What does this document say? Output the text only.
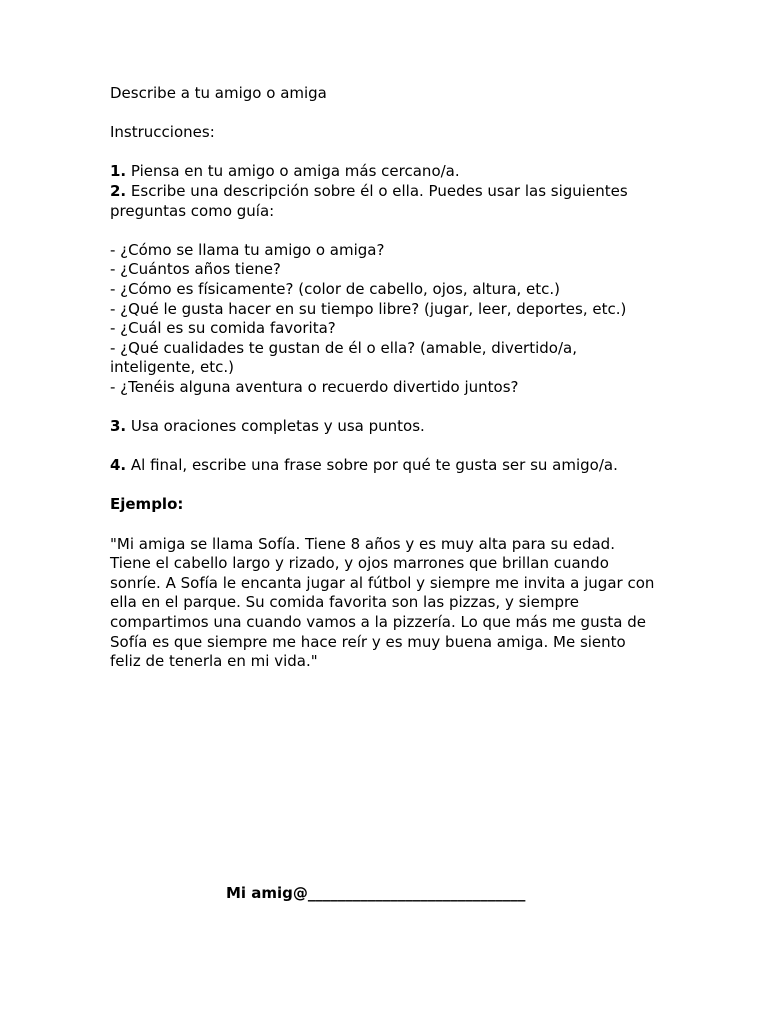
Describe a tu amigo o amiga

Instrucciones:

1. Piensa en tu amigo o amiga más cercano/a.

2. Escribe una descripción sobre él o ella. Puedes usar las siguientes preguntas como guía:

- ¿Cómo se llama tu amigo o amiga?

- ¿Cuántos años tiene?

- ¿Cómo es físicamente? (color de cabello, ojos, altura, etc.)

- ¿Qué le gusta hacer en su tiempo libre? (jugar, leer, deportes, etc.)

- ¿Cuál es su comida favorita?

- ¿Qué cualidades te gustan de él o ella? (amable, divertido/a, inteligente, etc.)

- ¿Tenéis alguna aventura o recuerdo divertido juntos?

3. Usa oraciones completas y usa puntos.

4. Al final, escribe una frase sobre por qué te gusta ser su amigo/a.

Ejemplo:

"Mi amiga se llama Sofía. Tiene 8 años y es muy alta para su edad. Tiene el cabello largo y rizado, y ojos marrones que brillan cuando sonríe. A Sofía le encanta jugar al fútbol y siempre me invita a jugar con ella en el parque. Su comida favorita son las pizzas, y siempre compartimos una cuando vamos a la pizzería. Lo que más me gusta de Sofía es que siempre me hace reír y es muy buena amiga. Me siento feliz de tenerla en mi vida."

Mi amig@_____________________________
